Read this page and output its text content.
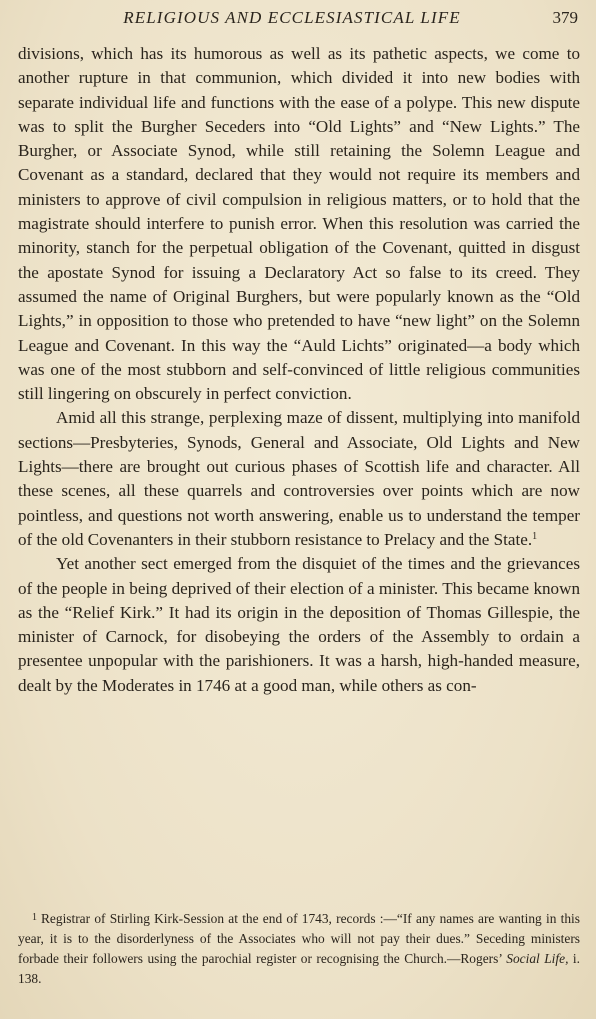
RELIGIOUS AND ECCLESIASTICAL LIFE	379

divisions, which has its humorous as well as its pathetic aspects, we come to another rupture in that communion, which divided it into new bodies with separate individual life and functions with the ease of a polype. This new dispute was to split the Burgher Seceders into “Old Lights” and “New Lights.” The Burgher, or Associate Synod, while still retaining the Solemn League and Covenant as a standard, declared that they would not require its members and ministers to approve of civil compulsion in religious matters, or to hold that the magistrate should interfere to punish error. When this resolution was carried the minority, stanch for the perpetual obligation of the Covenant, quitted in disgust the apostate Synod for issuing a Declaratory Act so false to its creed. They assumed the name of Original Burghers, but were popularly known as the “Old Lights,” in opposition to those who pretended to have “new light” on the Solemn League and Covenant. In this way the “Auld Lichts” originated—a body which was one of the most stubborn and self-convinced of little religious communities still lingering on obscurely in perfect conviction.

Amid all this strange, perplexing maze of dissent, multiplying into manifold sections—Presbyteries, Synods, General and Associate, Old Lights and New Lights—there are brought out curious phases of Scottish life and character. All these scenes, all these quarrels and controversies over points which are now pointless, and questions not worth answering, enable us to understand the temper of the old Covenanters in their stubborn resistance to Prelacy and the State.$^1$

Yet another sect emerged from the disquiet of the times and the grievances of the people in being deprived of their election of a minister. This became known as the “Relief Kirk.” It had its origin in the deposition of Thomas Gillespie, the minister of Carnock, for disobeying the orders of the Assembly to ordain a presentee unpopular with the parishioners. It was a harsh, high-handed measure, dealt by the Moderates in 1746 at a good man, while others as con-

$^1$ Registrar of Stirling Kirk-Session at the end of 1743, records :—“If any names are wanting in this year, it is to the disorderlyness of the Associates who will not pay their dues.” Seceding ministers forbade their followers using the parochial register or recognising the Church.—Rogers’ Social Life, i. 138.
